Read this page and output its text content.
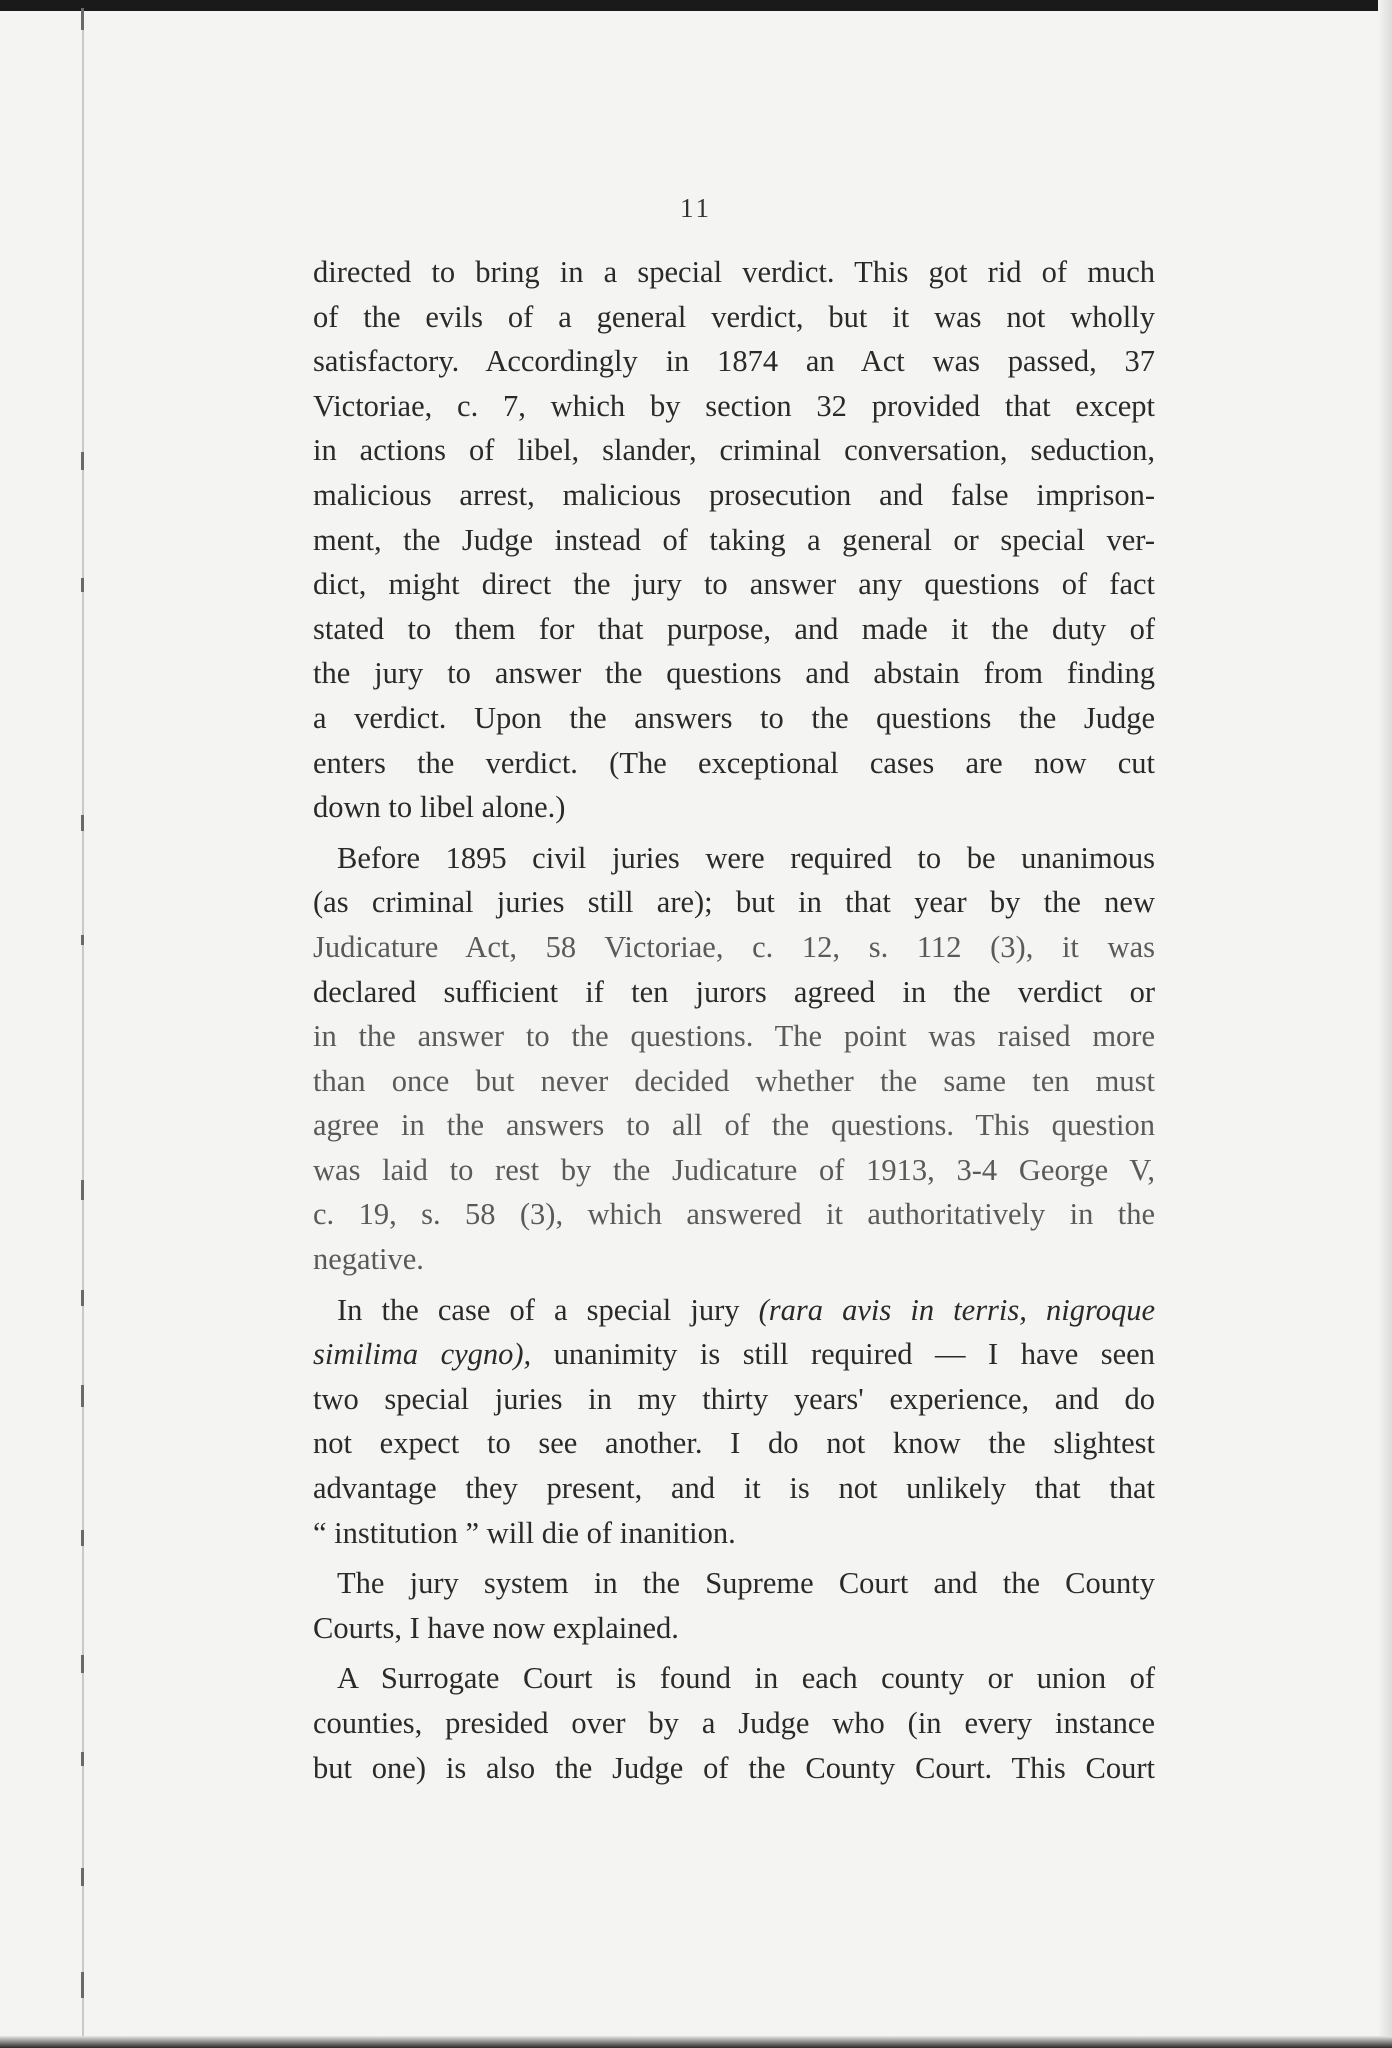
11
directed to bring in a special verdict. This got rid of much
of the evils of a general verdict, but it was not wholly
satisfactory. Accordingly in 1874 an Act was passed, 37
Victoriae, c. 7, which by section 32 provided that except
in actions of libel, slander, criminal conversation, seduction,
malicious arrest, malicious prosecution and false imprison-
ment, the Judge instead of taking a general or special ver-
dict, might direct the jury to answer any questions of fact
stated to them for that purpose, and made it the duty of
the jury to answer the questions and abstain from finding
a verdict. Upon the answers to the questions the Judge
enters the verdict. (The exceptional cases are now cut
down to libel alone.)
Before 1895 civil juries were required to be unanimous
(as criminal juries still are); but in that year by the new
Judicature Act, 58 Victoriae, c. 12, s. 112 (3), it was
declared sufficient if ten jurors agreed in the verdict or
in the answer to the questions. The point was raised more
than once but never decided whether the same ten must
agree in the answers to all of the questions. This question
was laid to rest by the Judicature of 1913, 3-4 George V,
c. 19, s. 58 (3), which answered it authoritatively in the
negative.
In the case of a special jury (rara avis in terris, nigroque
similima cygno), unanimity is still required — I have seen
two special juries in my thirty years' experience, and do
not expect to see another. I do not know the slightest
advantage they present, and it is not unlikely that that
“ institution ” will die of inanition.
The jury system in the Supreme Court and the County
Courts, I have now explained.
A Surrogate Court is found in each county or union of
counties, presided over by a Judge who (in every instance
but one) is also the Judge of the County Court. This Court
